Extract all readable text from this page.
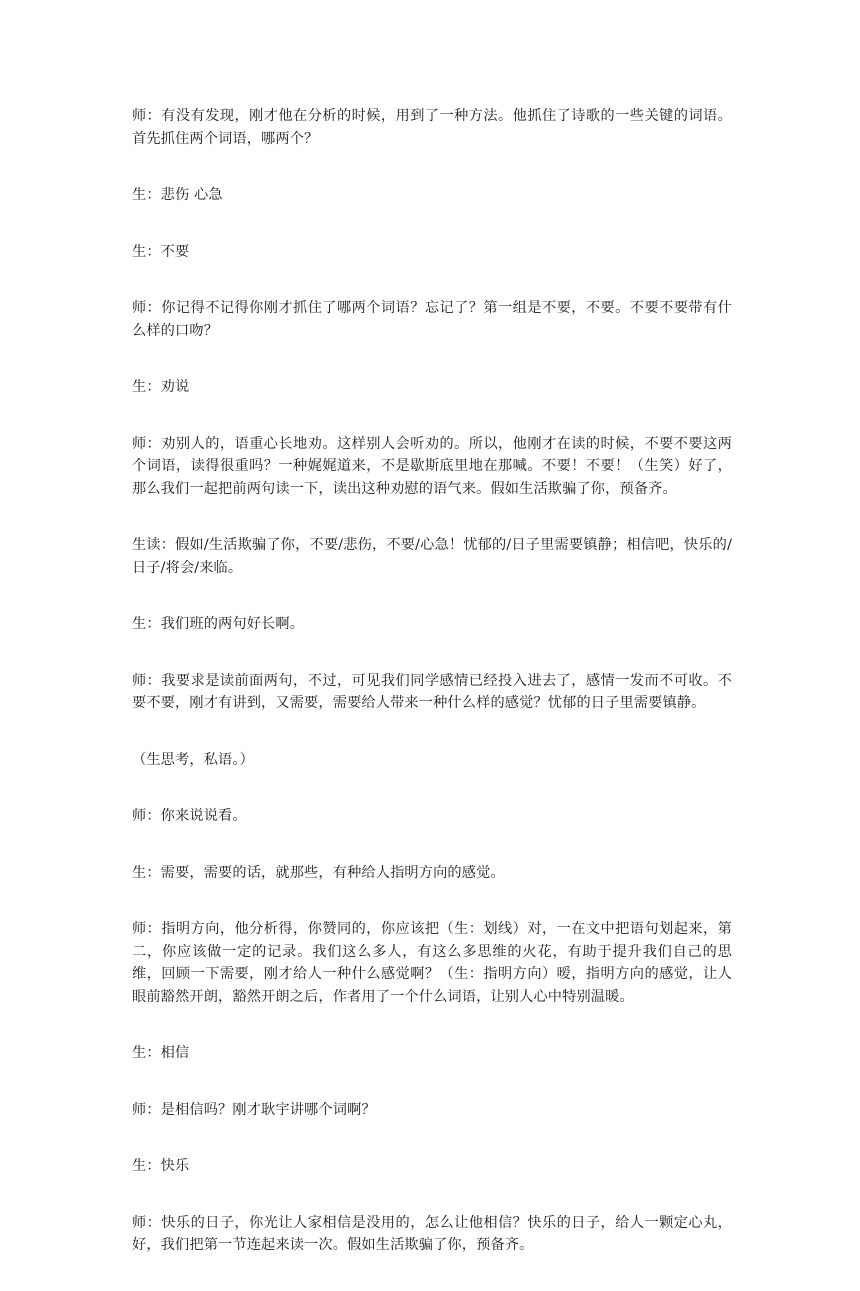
师：有没有发现，刚才他在分析的时候，用到了一种方法。他抓住了诗歌的一些关键的词语。首先抓住两个词语，哪两个？

生：悲伤 心急

生：不要

师：你记得不记得你刚才抓住了哪两个词语？忘记了？第一组是不要，不要。不要不要带有什么样的口吻？

生：劝说

师：劝别人的，语重心长地劝。这样别人会听劝的。所以，他刚才在读的时候，不要不要这两个词语，读得很重吗？一种娓娓道来，不是歇斯底里地在那喊。不要！不要！（生笑）好了，那么我们一起把前两句读一下，读出这种劝慰的语气来。假如生活欺骗了你，预备齐。

生读：假如/生活欺骗了你，不要/悲伤，不要/心急！忧郁的/日子里需要镇静；相信吧，快乐的/日子/将会/来临。

生：我们班的两句好长啊。

师：我要求是读前面两句，不过，可见我们同学感情已经投入进去了，感情一发而不可收。不要不要，刚才有讲到，又需要，需要给人带来一种什么样的感觉？忧郁的日子里需要镇静。

（生思考，私语。）

师：你来说说看。

生：需要，需要的话，就那些，有种给人指明方向的感觉。

师：指明方向，他分析得，你赞同的，你应该把（生：划线）对，一在文中把语句划起来，第二，你应该做一定的记录。我们这么多人，有这么多思维的火花，有助于提升我们自己的思维，回顾一下需要，刚才给人一种什么感觉啊？（生：指明方向）嗳，指明方向的感觉，让人眼前豁然开朗，豁然开朗之后，作者用了一个什么词语，让别人心中特别温暖。

生：相信

师：是相信吗？刚才耿宇讲哪个词啊？

生：快乐

师：快乐的日子，你光让人家相信是没用的，怎么让他相信？快乐的日子，给人一颗定心丸，好，我们把第一节连起来读一次。假如生活欺骗了你，预备齐。
